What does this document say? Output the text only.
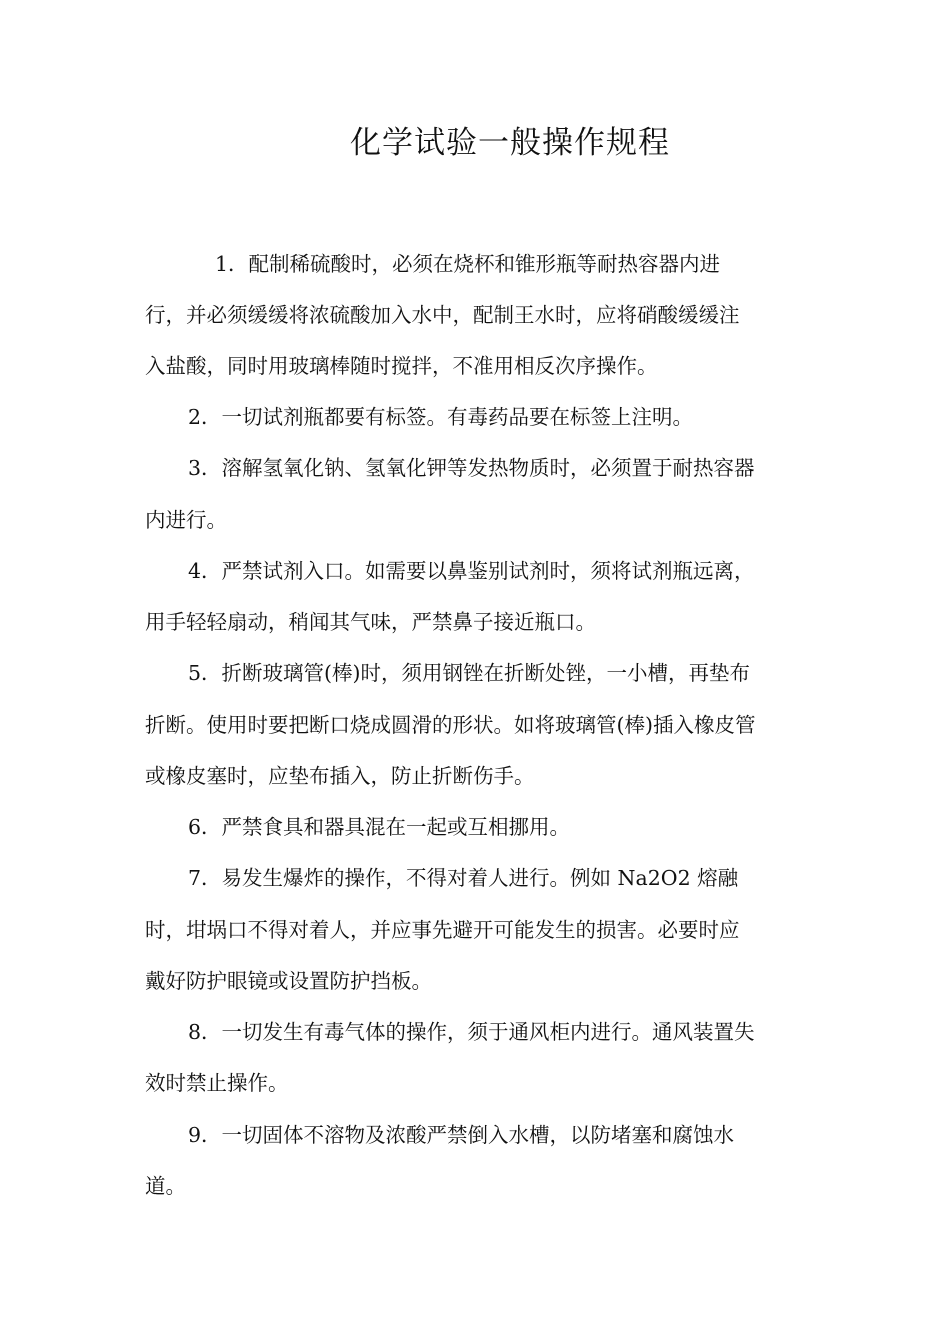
化学试验一般操作规程
1．配制稀硫酸时，必须在烧杯和锥形瓶等耐热容器内进
行，并必须缓缓将浓硫酸加入水中，配制王水时，应将硝酸缓缓注
入盐酸，同时用玻璃棒随时搅拌，不准用相反次序操作。
2．一切试剂瓶都要有标签。有毒药品要在标签上注明。
3．溶解氢氧化钠、氢氧化钾等发热物质时，必须置于耐热容器
内进行。
4．严禁试剂入口。如需要以鼻鉴别试剂时，须将试剂瓶远离，
用手轻轻扇动，稍闻其气味，严禁鼻子接近瓶口。
5．折断玻璃管(棒)时，须用钢锉在折断处锉，一小槽，再垫布
折断。使用时要把断口烧成圆滑的形状。如将玻璃管(棒)插入橡皮管
或橡皮塞时，应垫布插入，防止折断伤手。
6．严禁食具和器具混在一起或互相挪用。
7．易发生爆炸的操作，不得对着人进行。例如 Na2O2 熔融
时，坩埚口不得对着人，并应事先避开可能发生的损害。必要时应
戴好防护眼镜或设置防护挡板。
8．一切发生有毒气体的操作，须于通风柜内进行。通风装置失
效时禁止操作。
9．一切固体不溶物及浓酸严禁倒入水槽，以防堵塞和腐蚀水
道。
